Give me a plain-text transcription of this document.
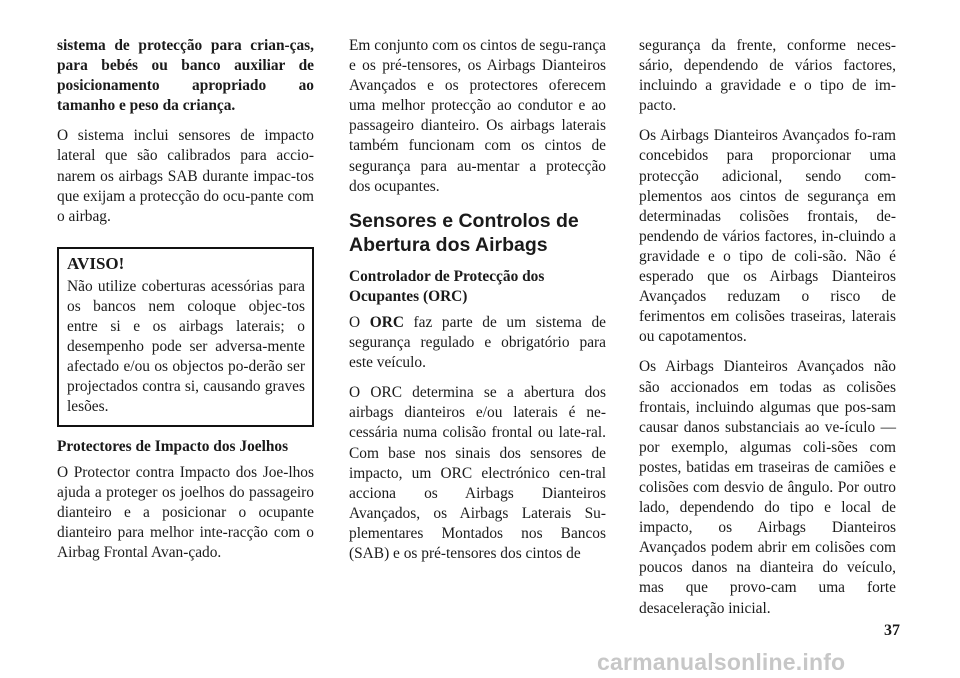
sistema de protecção para crian-ças, para bebés ou banco auxiliar de posicionamento apropriado ao tamanho e peso da criança.

O sistema inclui sensores de impacto lateral que são calibrados para accio-narem os airbags SAB durante impac-tos que exijam a protecção do ocu-pante com o airbag.

AVISO!

Não utilize coberturas acessórias para os bancos nem coloque objec-tos entre si e os airbags laterais; o desempenho pode ser adversa-mente afectado e/ou os objectos po-derão ser projectados contra si, causando graves lesões.

Protectores de Impacto dos Joelhos

O Protector contra Impacto dos Joe-lhos ajuda a proteger os joelhos do passageiro dianteiro e a posicionar o ocupante dianteiro para melhor inte-racção com o Airbag Frontal Avan-çado.

Em conjunto com os cintos de segu-rança e os pré-tensores, os Airbags Dianteiros Avançados e os protectores oferecem uma melhor protecção ao condutor e ao passageiro dianteiro. Os airbags laterais também funcionam com os cintos de segurança para au-mentar a protecção dos ocupantes.

Sensores e Controlos de Abertura dos Airbags
Controlador de Protecção dos Ocupantes (ORC)

O ORC faz parte de um sistema de segurança regulado e obrigatório para este veículo.

O ORC determina se a abertura dos airbags dianteiros e/ou laterais é ne-cessária numa colisão frontal ou late-ral. Com base nos sinais dos sensores de impacto, um ORC electrónico cen-tral acciona os Airbags Dianteiros Avançados, os Airbags Laterais Su-plementares Montados nos Bancos (SAB) e os pré-tensores dos cintos de

segurança da frente, conforme neces-sário, dependendo de vários factores, incluindo a gravidade e o tipo de im-pacto.

Os Airbags Dianteiros Avançados fo-ram concebidos para proporcionar uma protecção adicional, sendo com-plementos aos cintos de segurança em determinadas colisões frontais, de-pendendo de vários factores, in-cluindo a gravidade e o tipo de coli-são. Não é esperado que os Airbags Dianteiros Avançados reduzam o risco de ferimentos em colisões traseiras, laterais ou capotamentos.

Os Airbags Dianteiros Avançados não são accionados em todas as colisões frontais, incluindo algumas que pos-sam causar danos substanciais ao ve-ículo — por exemplo, algumas coli-sões com postes, batidas em traseiras de camiões e colisões com desvio de ângulo. Por outro lado, dependendo do tipo e local de impacto, os Airbags Dianteiros Avançados podem abrir em colisões com poucos danos na dianteira do veículo, mas que provo-cam uma forte desaceleração inicial.

37
carmanualsonline.info
